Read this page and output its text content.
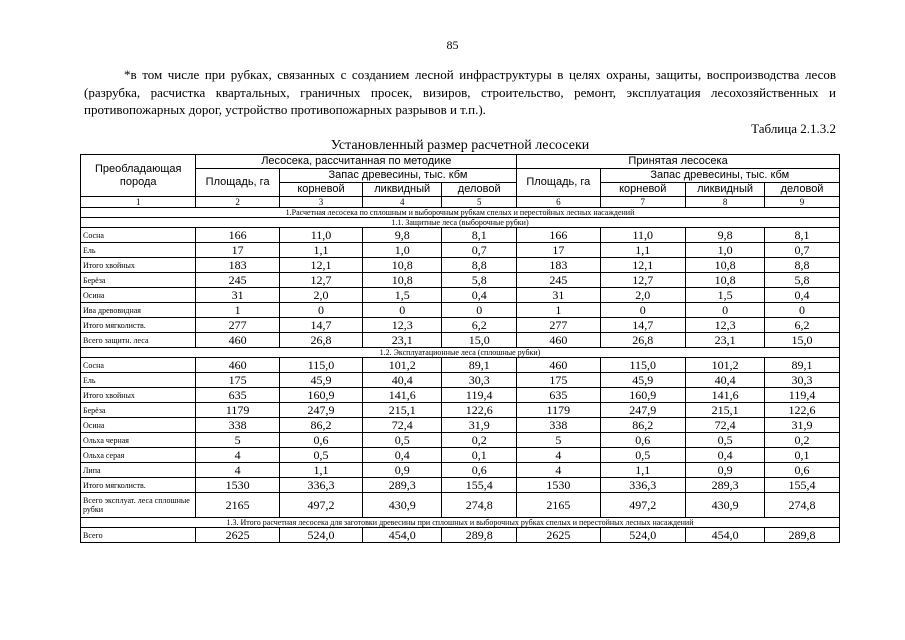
85
*в том числе при рубках, связанных с созданием лесной инфраструктуры в целях охраны, защиты, воспроизводства лесов (разрубка, расчистка квартальных, граничных просек, визиров, строительство, ремонт, эксплуатация лесохозяйственных и противопожарных дорог, устройство противопожарных разрывов и т.п.).
Таблица 2.1.3.2
Установленный размер расчетной лесосеки
Преобладающая порода	Лесосека, рассчитанная по методике				Принятая лесосека			
	Площадь, га	Запас древесины, тыс. кбм			Площадь, га	Запас древесины, тыс. кбм		
		корневой	ликвидный	деловой		корневой	ликвидный	деловой
1	2	3	4	5	6	7	8	9
1.Расчетная лесосека по сплошным и выборочным рубкам спелых и перестойных лесных насаждений								
1.1. Защитные леса (выборочные рубки)								
Сосна	166	11,0	9,8	8,1	166	11,0	9,8	8,1
Ель	17	1,1	1,0	0,7	17	1,1	1,0	0,7
Итого хвойных	183	12,1	10,8	8,8	183	12,1	10,8	8,8
Берёза	245	12,7	10,8	5,8	245	12,7	10,8	5,8
Осина	31	2,0	1,5	0,4	31	2,0	1,5	0,4
Ива древовидная	1	0	0	0	1	0	0	0
Итого мягколиств.	277	14,7	12,3	6,2	277	14,7	12,3	6,2
Всего защитн. леса	460	26,8	23,1	15,0	460	26,8	23,1	15,0
1.2. Эксплуатационные леса (сплошные рубки)								
Сосна	460	115,0	101,2	89,1	460	115,0	101,2	89,1
Ель	175	45,9	40,4	30,3	175	45,9	40,4	30,3
Итого хвойных	635	160,9	141,6	119,4	635	160,9	141,6	119,4
Берёза	1179	247,9	215,1	122,6	1179	247,9	215,1	122,6
Осина	338	86,2	72,4	31,9	338	86,2	72,4	31,9
Ольха черная	5	0,6	0,5	0,2	5	0,6	0,5	0,2
Ольха серая	4	0,5	0,4	0,1	4	0,5	0,4	0,1
Липа	4	1,1	0,9	0,6	4	1,1	0,9	0,6
Итого мягколиств.	1530	336,3	289,3	155,4	1530	336,3	289,3	155,4
Всего эксплуат. леса сплошные рубки	2165	497,2	430,9	274,8	2165	497,2	430,9	274,8
1.3. Итого расчетная лесосека для заготовки древесины при сплошных и выборочных рубках спелых и перестойных лесных насаждений								
Всего	2625	524,0	454,0	289,8	2625	524,0	454,0	289,8
